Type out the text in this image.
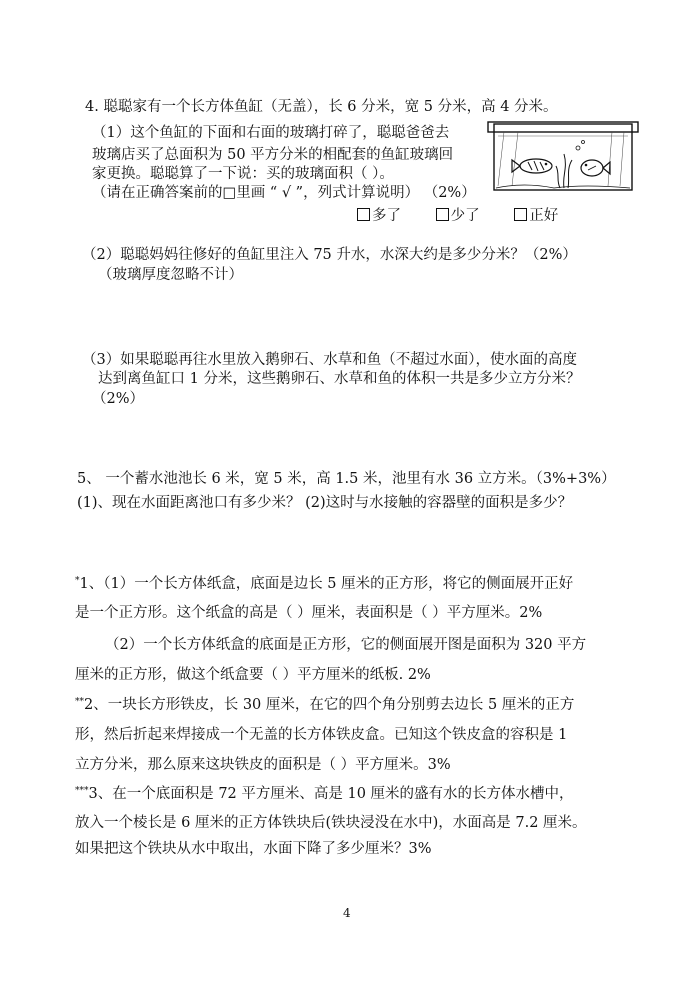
4. 聪聪家有一个长方体鱼缸（无盖），长 6 分米，宽 5 分米，高 4 分米。
（1）这个鱼缸的下面和右面的玻璃打碎了，聪聪爸爸去
玻璃店买了总面积为 50 平方分米的相配套的鱼缸玻璃回
家更换。聪聪算了一下说：买的玻璃面积（ ）。
（请在正确答案前的□里画 “ √ ”，列式计算说明） （2%）
多了	少了	正好
（2）聪聪妈妈往修好的鱼缸里注入 75 升水，水深大约是多少分米？（2%）
（玻璃厚度忽略不计）
（3）如果聪聪再往水里放入鹅卵石、水草和鱼（不超过水面），使水面的高度
达到离鱼缸口 1 分米，这些鹅卵石、水草和鱼的体积一共是多少立方分米？
（2%）
5、 一个蓄水池池长 6 米，宽 5 米，高 1.5 米，池里有水 36 立方米。（3%+3%）
(1)、现在水面距离池口有多少米？ (2)这时与水接触的容器壁的面积是多少？
*1、（1）一个长方体纸盒，底面是边长 5 厘米的正方形，将它的侧面展开正好
是一个正方形。这个纸盒的高是（ ）厘米，表面积是（ ）平方厘米。2%
（2）一个长方体纸盒的底面是正方形，它的侧面展开图是面积为 320 平方
厘米的正方形，做这个纸盒要（ ）平方厘米的纸板. 2%
**2、一块长方形铁皮，长 30 厘米，在它的四个角分别剪去边长 5 厘米的正方
形，然后折起来焊接成一个无盖的长方体铁皮盒。已知这个铁皮盒的容积是 1
立方分米，那么原来这块铁皮的面积是（ ）平方厘米。3%
***3、在一个底面积是 72 平方厘米、高是 10 厘米的盛有水的长方体水槽中，
放入一个棱长是 6 厘米的正方体铁块后(铁块浸没在水中)，水面高是 7.2 厘米。
如果把这个铁块从水中取出，水面下降了多少厘米？3%
4
